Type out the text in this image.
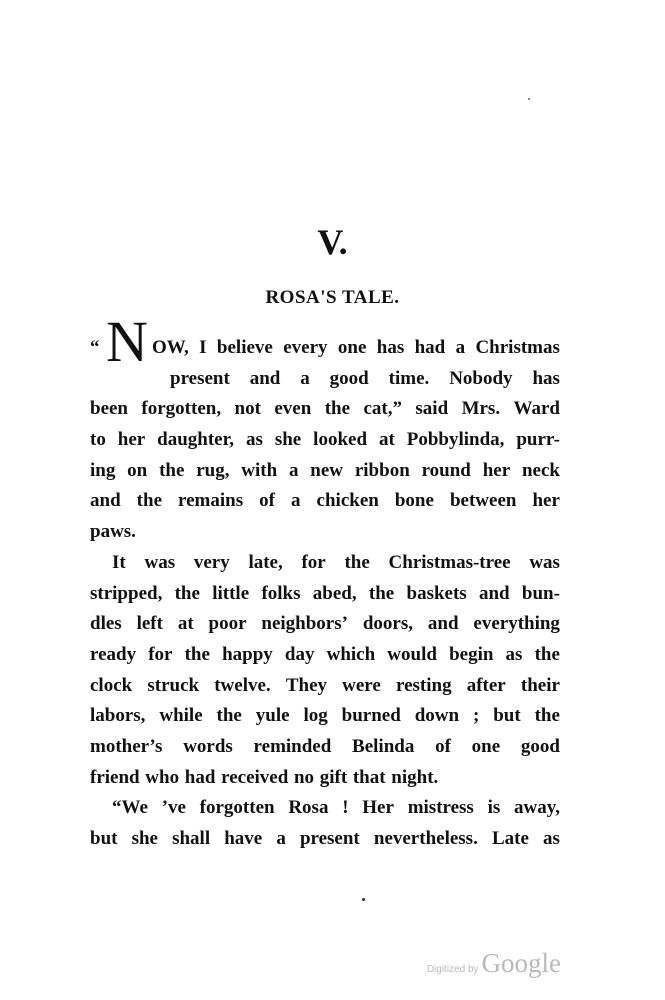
V.
ROSA'S TALE.
“ N OW, I believe every one has had a Christmas
present and a good time. Nobody has
been forgotten, not even the cat,” said Mrs. Ward
to her daughter, as she looked at Pobbylinda, purr-
ing on the rug, with a new ribbon round her neck
and the remains of a chicken bone between her
paws.
It was very late, for the Christmas-tree was
stripped, the little folks abed, the baskets and bun-
dles left at poor neighbors’ doors, and everything
ready for the happy day which would begin as the
clock struck twelve. They were resting after their
labors, while the yule log burned down ; but the
mother’s words reminded Belinda of one good
friend who had received no gift that night.
“We ’ve forgotten Rosa ! Her mistress is away,
but she shall have a present nevertheless. Late as
Digitized by Google
